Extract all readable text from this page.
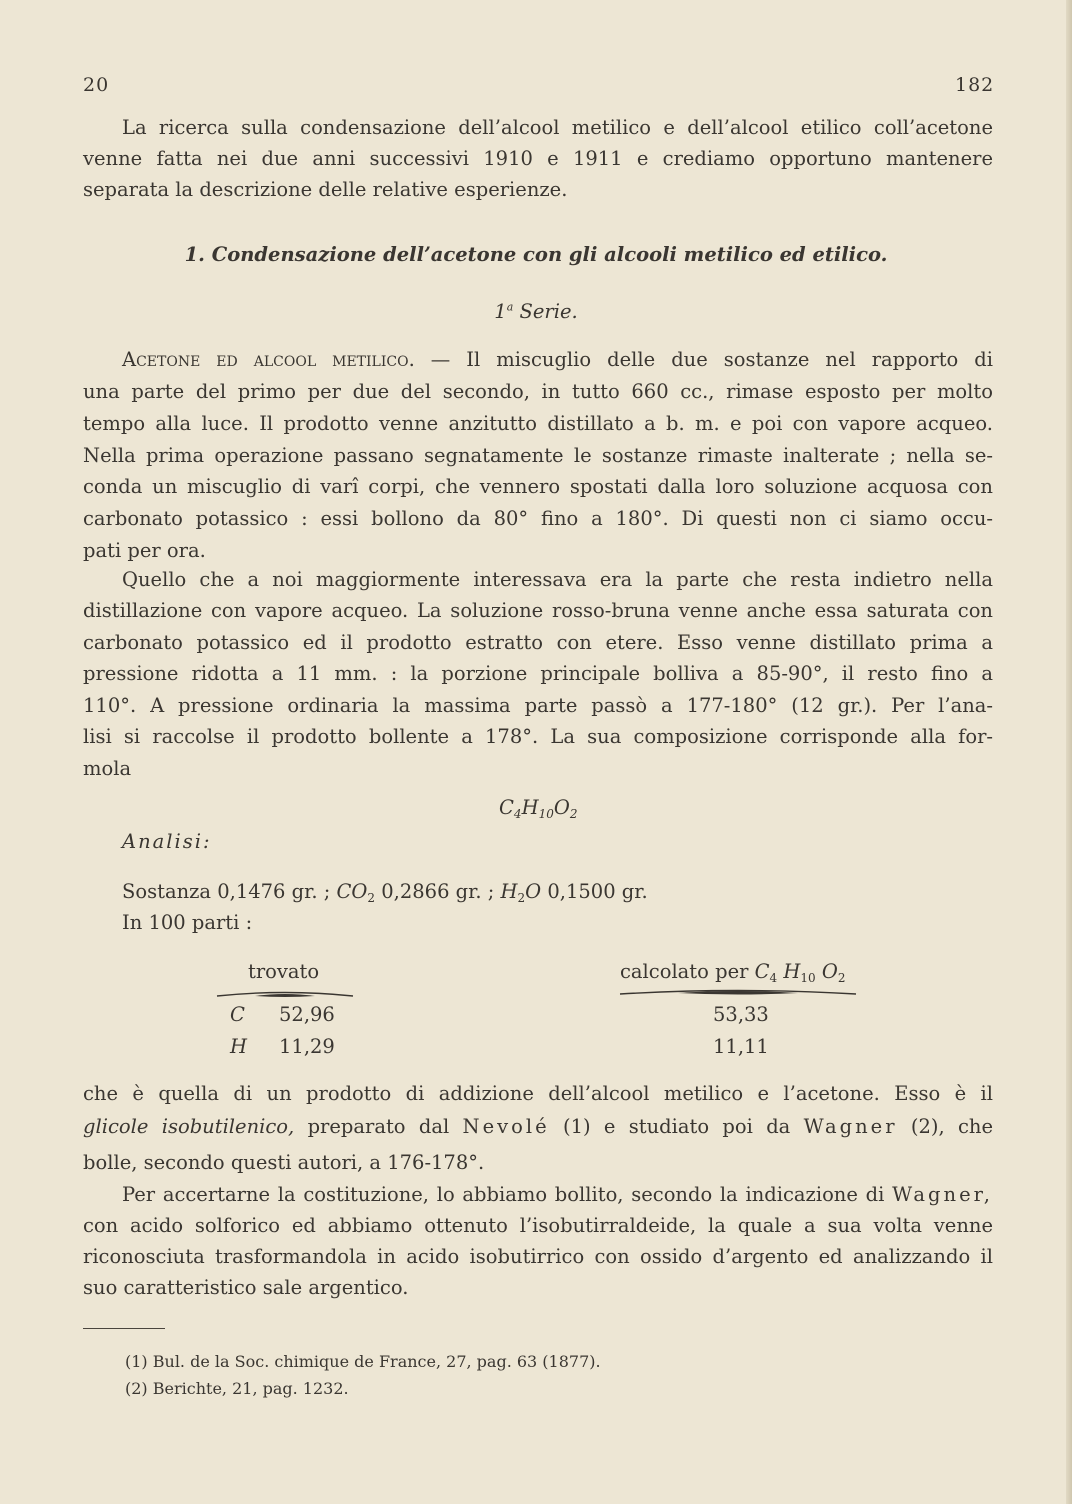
20	182
La ricerca sulla condensazione dell’alcool metilico e dell’alcool etilico coll’acetone
venne fatta nei due anni successivi 1910 e 1911 e crediamo opportuno mantenere
separata la descrizione delle relative esperienze.
1. Condensazione dell’acetone con gli alcooli metilico ed etilico.
1$^a$ Serie.
Acetone ed alcool metilico. — Il miscuglio delle due sostanze nel rapporto di
una parte del primo per due del secondo, in tutto 660 cc., rimase esposto per molto
tempo alla luce. Il prodotto venne anzitutto distillato a b. m. e poi con vapore acqueo.
Nella prima operazione passano segnatamente le sostanze rimaste inalterate ; nella se-
conda un miscuglio di varî corpi, che vennero spostati dalla loro soluzione acquosa con
carbonato potassico : essi bollono da 80° fino a 180°. Di questi non ci siamo occu-
pati per ora.
Quello che a noi maggiormente interessava era la parte che resta indietro nella
distillazione con vapore acqueo. La soluzione rosso-bruna venne anche essa saturata con
carbonato potassico ed il prodotto estratto con etere. Esso venne distillato prima a
pressione ridotta a 11 mm. : la porzione principale bolliva a 85-90°, il resto fino a
110°. A pressione ordinaria la massima parte passò a 177-180° (12 gr.). Per l’ana-
lisi si raccolse il prodotto bollente a 178°. La sua composizione corrisponde alla for-
mola
$C_4H_{10}O_2$
Analisi:
Sostanza 0,1476 gr. ; $CO_2$ 0,2866 gr. ; $H_2O$ 0,1500 gr.
In 100 parti :
trovato	calcolato per $C_4$ $H_{10}$ $O_2$
C 52,96	53,33
H 11,29	11,11
che è quella di un prodotto di addizione dell’alcool metilico e l’acetone. Esso è il
glicole isobutilenico, preparato dal Nevolé (1) e studiato poi da Wagner (2), che
bolle, secondo questi autori, a 176-178°.
Per accertarne la costituzione, lo abbiamo bollito, secondo la indicazione di Wagner,
con acido solforico ed abbiamo ottenuto l’isobutirraldeide, la quale a sua volta venne
riconosciuta trasformandola in acido isobutirrico con ossido d’argento ed analizzando il
suo caratteristico sale argentico.
(1) Bul. de la Soc. chimique de France, 27, pag. 63 (1877).
(2) Berichte, 21, pag. 1232.
